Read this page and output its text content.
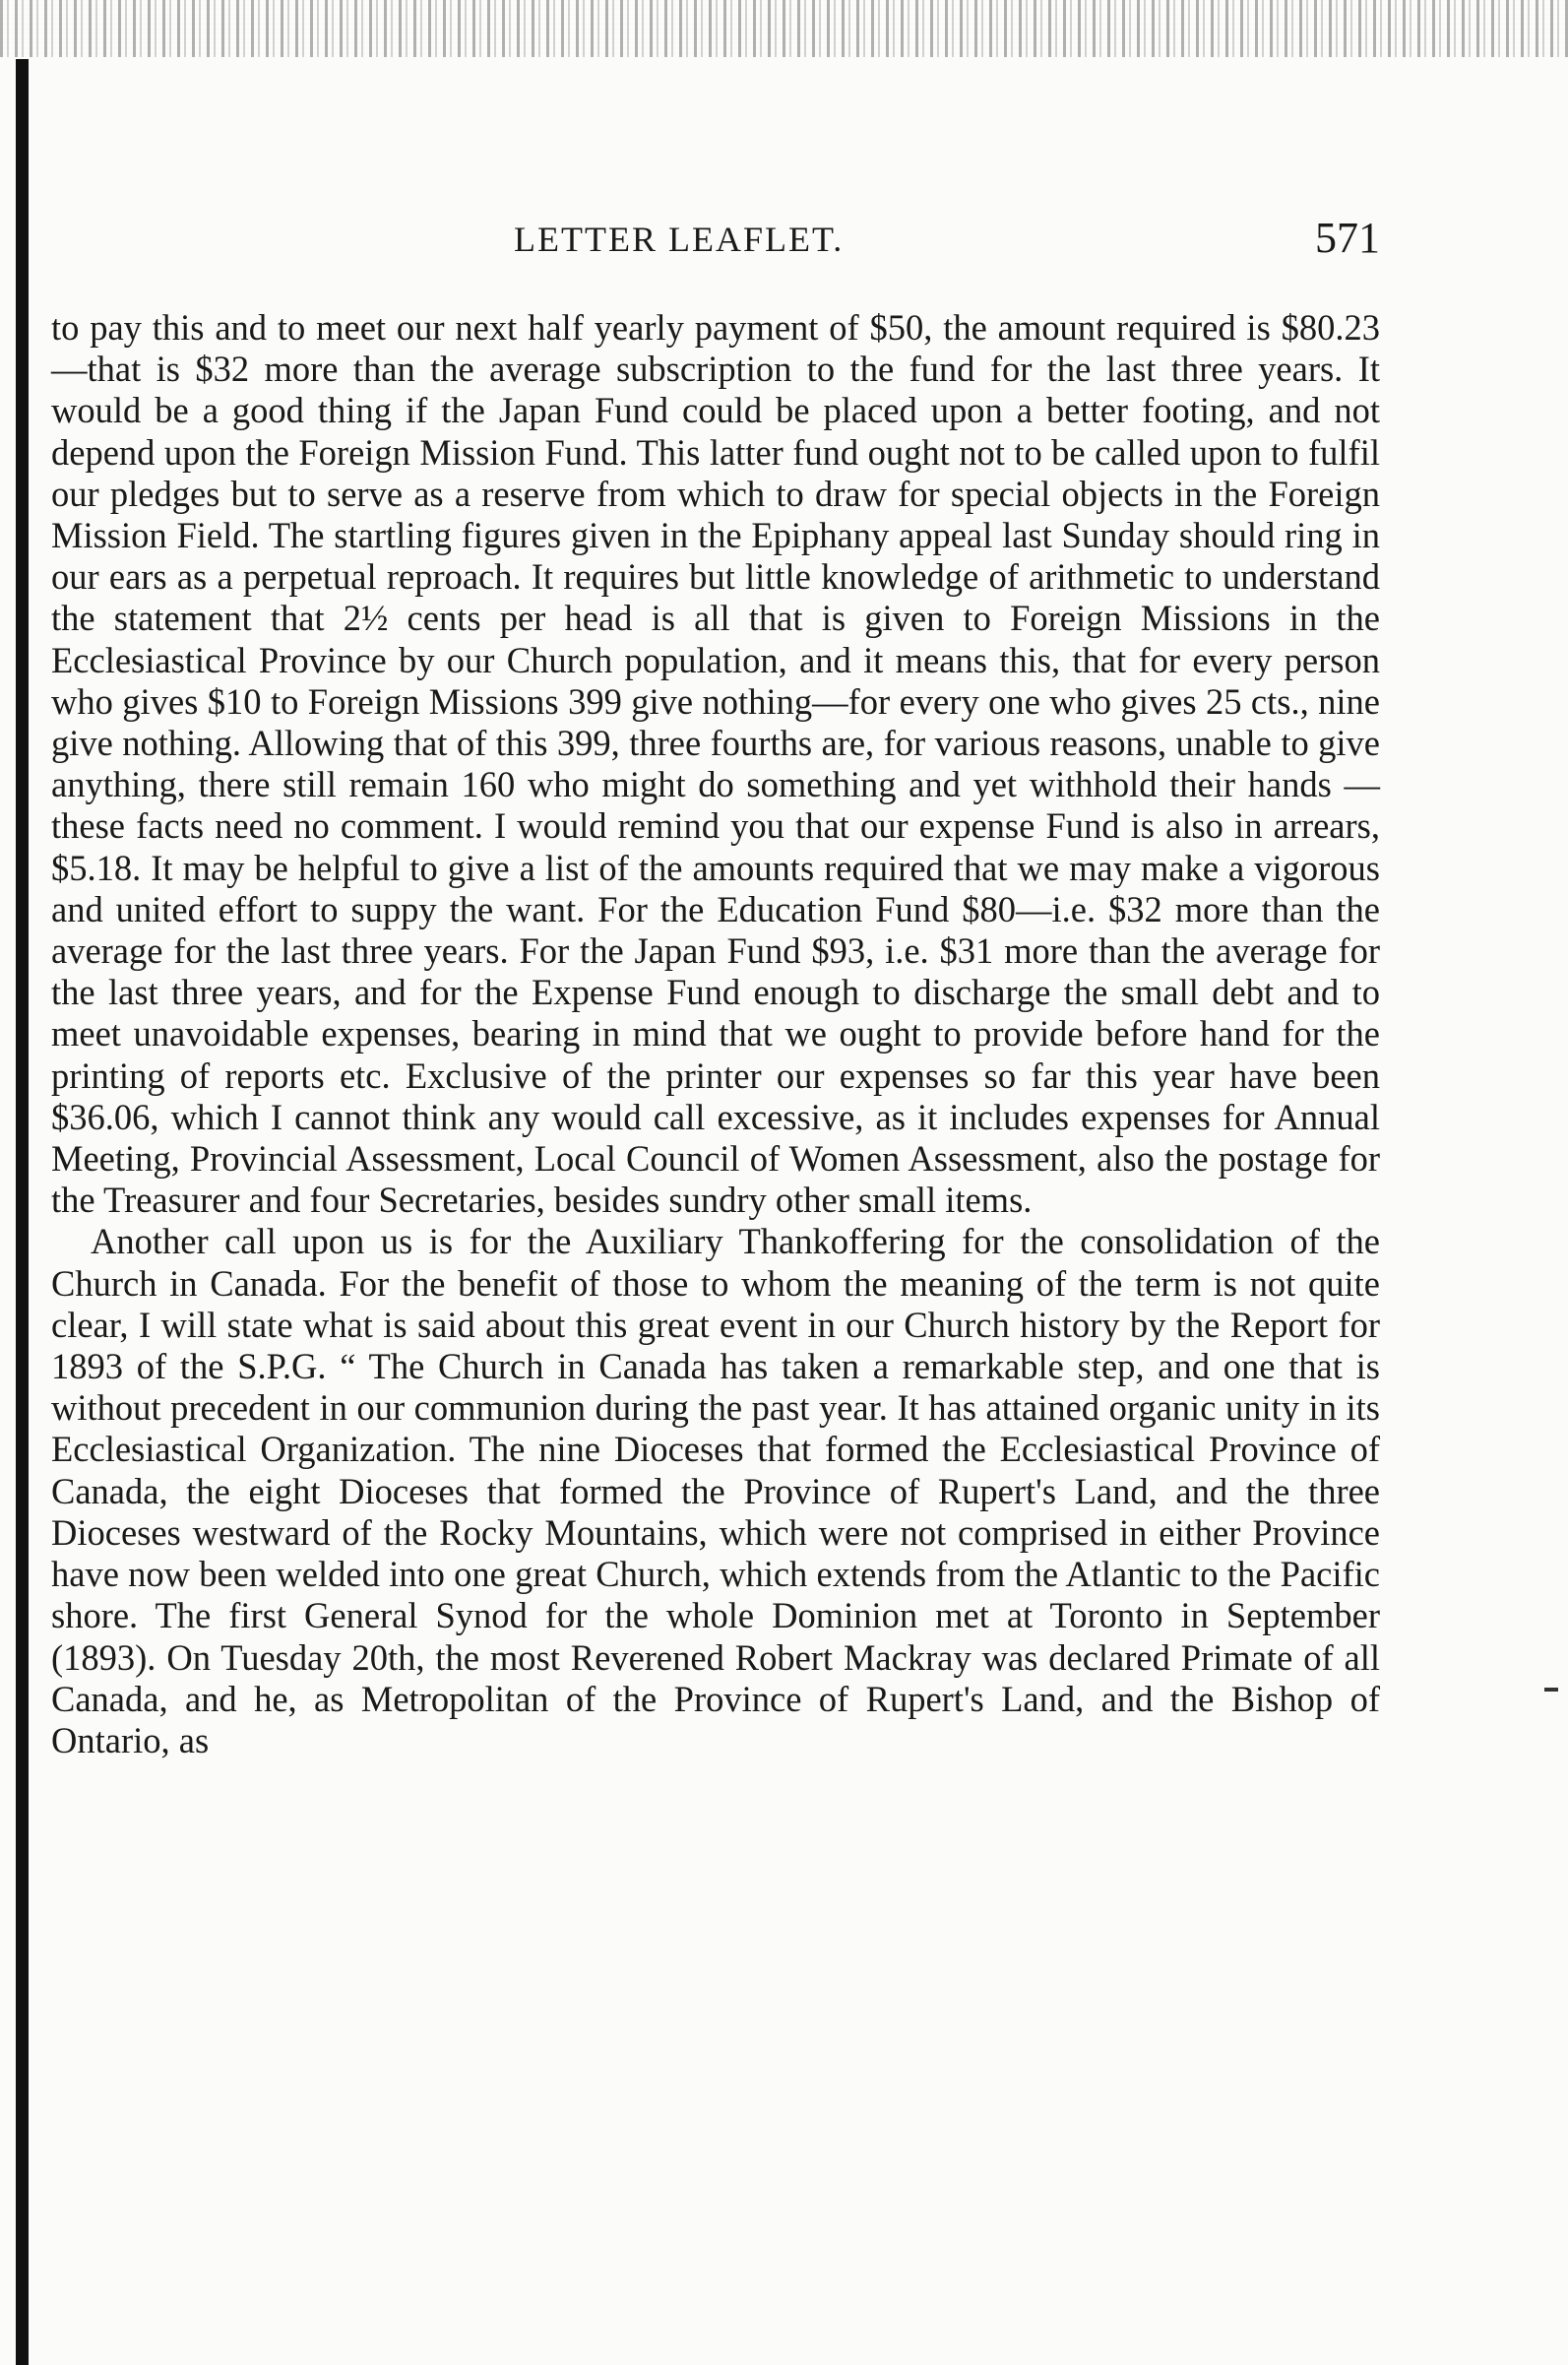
LETTER LEAFLET.	571

to pay this and to meet our next half yearly payment of $50, the amount required is $80.23—that is $32 more than the average subscription to the fund for the last three years. It would be a good thing if the Japan Fund could be placed upon a better footing, and not depend upon the Foreign Mission Fund. This latter fund ought not to be called upon to fulfil our pledges but to serve as a reserve from which to draw for special objects in the Foreign Mission Field. The startling figures given in the Epiphany appeal last Sunday should ring in our ears as a perpetual reproach. It requires but little knowledge of arithmetic to understand the statement that 2½ cents per head is all that is given to Foreign Missions in the Ecclesiastical Province by our Church population, and it means this, that for every person who gives $10 to Foreign Missions 399 give nothing—for every one who gives 25 cts., nine give nothing. Allowing that of this 399, three fourths are, for various reasons, unable to give anything, there still remain 160 who might do something and yet withhold their hands —these facts need no comment. I would remind you that our expense Fund is also in arrears, $5.18. It may be helpful to give a list of the amounts required that we may make a vigorous and united effort to suppy the want. For the Education Fund $80—i.e. $32 more than the average for the last three years. For the Japan Fund $93, i.e. $31 more than the average for the last three years, and for the Expense Fund enough to discharge the small debt and to meet unavoidable expenses, bearing in mind that we ought to provide before hand for the printing of reports etc. Exclusive of the printer our expenses so far this year have been $36.06, which I cannot think any would call excessive, as it includes expenses for Annual Meeting, Provincial Assessment, Local Council of Women Assessment, also the postage for the Treasurer and four Secretaries, besides sundry other small items.

Another call upon us is for the Auxiliary Thankoffering for the consolidation of the Church in Canada. For the benefit of those to whom the meaning of the term is not quite clear, I will state what is said about this great event in our Church history by the Report for 1893 of the S.P.G. “ The Church in Canada has taken a remarkable step, and one that is without precedent in our communion during the past year. It has attained organic unity in its Ecclesiastical Organization. The nine Dioceses that formed the Ecclesiastical Province of Canada, the eight Dioceses that formed the Province of Rupert's Land, and the three Dioceses westward of the Rocky Mountains, which were not comprised in either Province have now been welded into one great Church, which extends from the Atlantic to the Pacific shore. The first General Synod for the whole Dominion met at Toronto in September (1893). On Tuesday 20th, the most Reverened Robert Mackray was declared Primate of all Canada, and he, as Metropolitan of the Province of Rupert's Land, and the Bishop of Ontario, as
